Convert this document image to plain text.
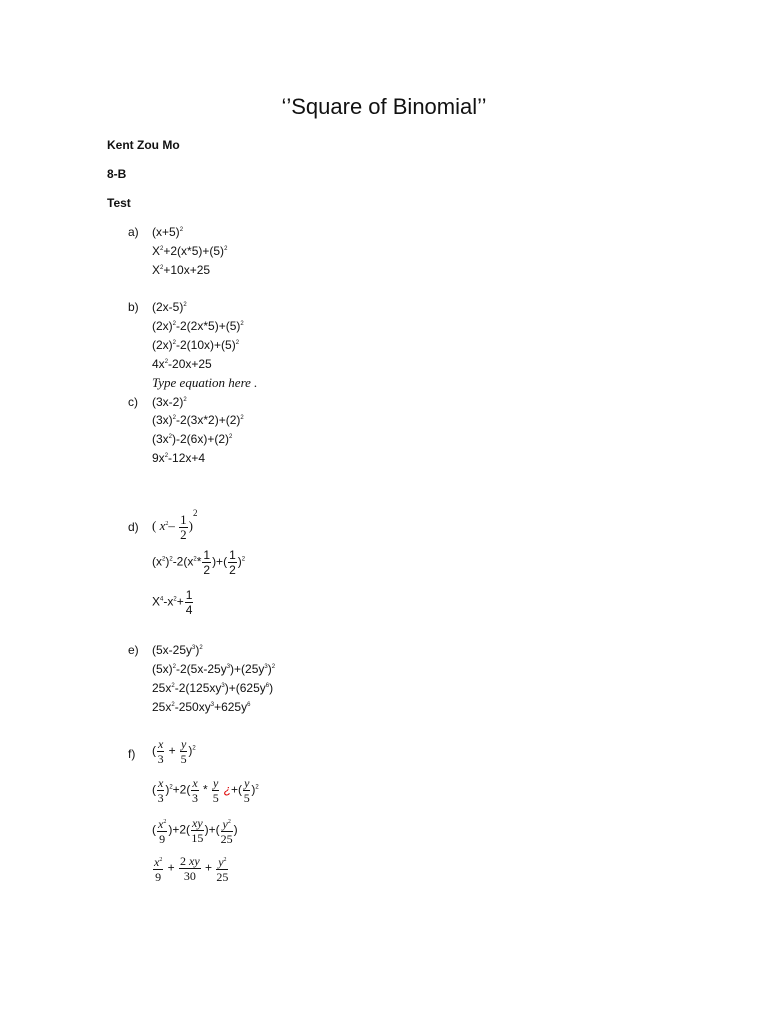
‘’Square of Binomial’’
Kent Zou Mo
8-B
Test
a) $(x+5)^2$
$X^2+2(x*5)+(5)^2$
$X^2+10x+25$
b) $(2x-5)^2$
$(2x)^2-2(2x*5)+(5)^2$
$(2x)^2-2(10x)+(5)^2$
$4x^2-20x+25$
Type equation here .
c) $(3x-2)^2$
$(3x)^2-2(3x*2)+(2)^2$
$(3x^2)-2(6x)+(2)^2$
$9x^2-12x+4$
d) ( $x^2- \frac{1}{2} )^2$
$(x^2)^2-2(x^2* \frac{1}{2}$ )+( $\frac{1}{2} )^2$
$X^4-x^2+ \frac{1}{4}$
e) $(5x-25y^3)^2$
$(5x)^2-2(5x-25y^3)+(25y^3)^2$
$25x^2-2(125xy^3)+(625y^6)$
$25x^2-250xy^3+625y^6$
f) ( $\frac{x}{3} + \frac{y}{5} )^2$
( $\frac{x}{3} )^2+2( \frac{x}{3} * \frac{y}{5}$ ¿+( $\frac{y}{5} )^2$
( $\frac{x^2}{9} )+2( \frac{xy}{15}$ )+( $\frac{y^2}{25}$ )
$\frac{x^2}{9} + \frac{2 xy}{30} + \frac{y^2}{25}$
